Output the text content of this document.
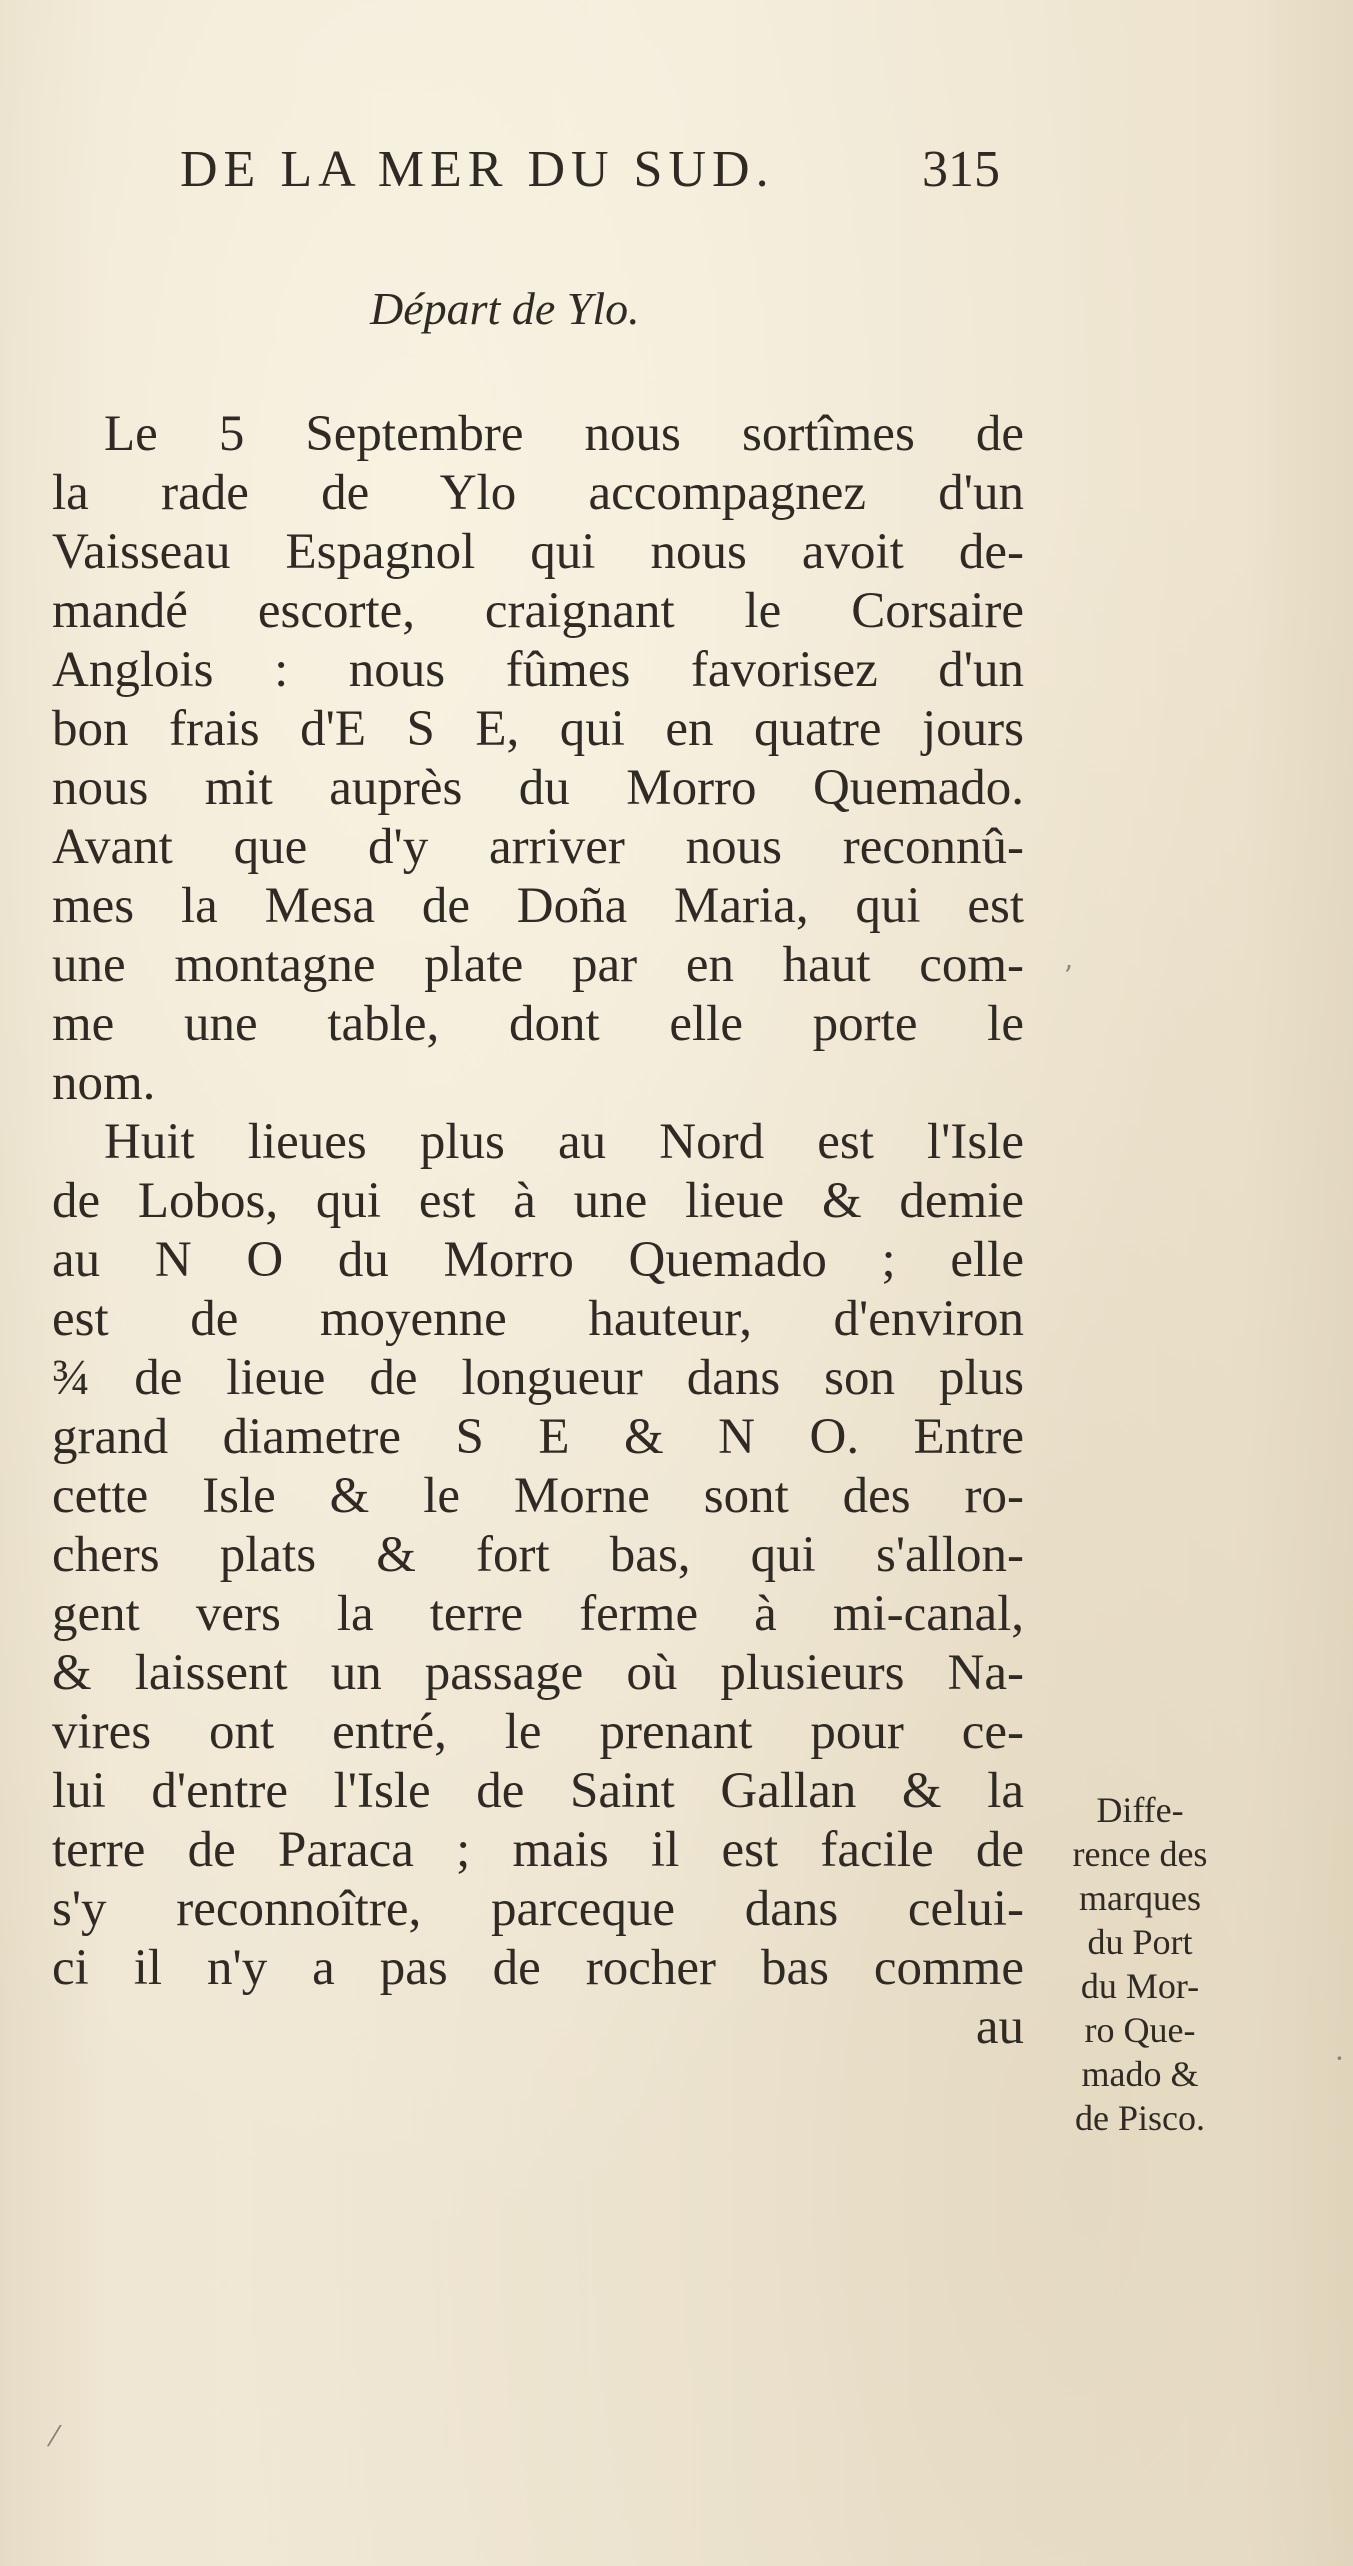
DE LA MER DU SUD.	315
Départ de Ylo.
Le 5 Septembre nous sortîmes de
la rade de Ylo accompagnez d'un
Vaisseau Espagnol qui nous avoit de-
mandé escorte, craignant le Corsaire
Anglois : nous fûmes favorisez d'un
bon frais d'E S E, qui en quatre jours
nous mit auprès du Morro Quemado.
Avant que d'y arriver nous reconnû-
mes la Mesa de Doña Maria, qui est
une montagne plate par en haut com-
me une table, dont elle porte le
nom.
Huit lieues plus au Nord est l'Isle
de Lobos, qui est à une lieue & demie
au N O du Morro Quemado ; elle
est de moyenne hauteur, d'environ
¾ de lieue de longueur dans son plus
grand diametre S E & N O. Entre
cette Isle & le Morne sont des ro-
chers plats & fort bas, qui s'allon-
gent vers la terre ferme à mi-canal,
& laissent un passage où plusieurs Na-
vires ont entré, le prenant pour ce-
lui d'entre l'Isle de Saint Gallan & la
terre de Paraca ; mais il est facile de
s'y reconnoître, parceque dans celui-
ci il n'y a pas de rocher bas comme
au
Diffe-
rence des
marques
du Port
du Mor-
ro Que-
mado &
de Pisco.
ʼ
·
⁄
